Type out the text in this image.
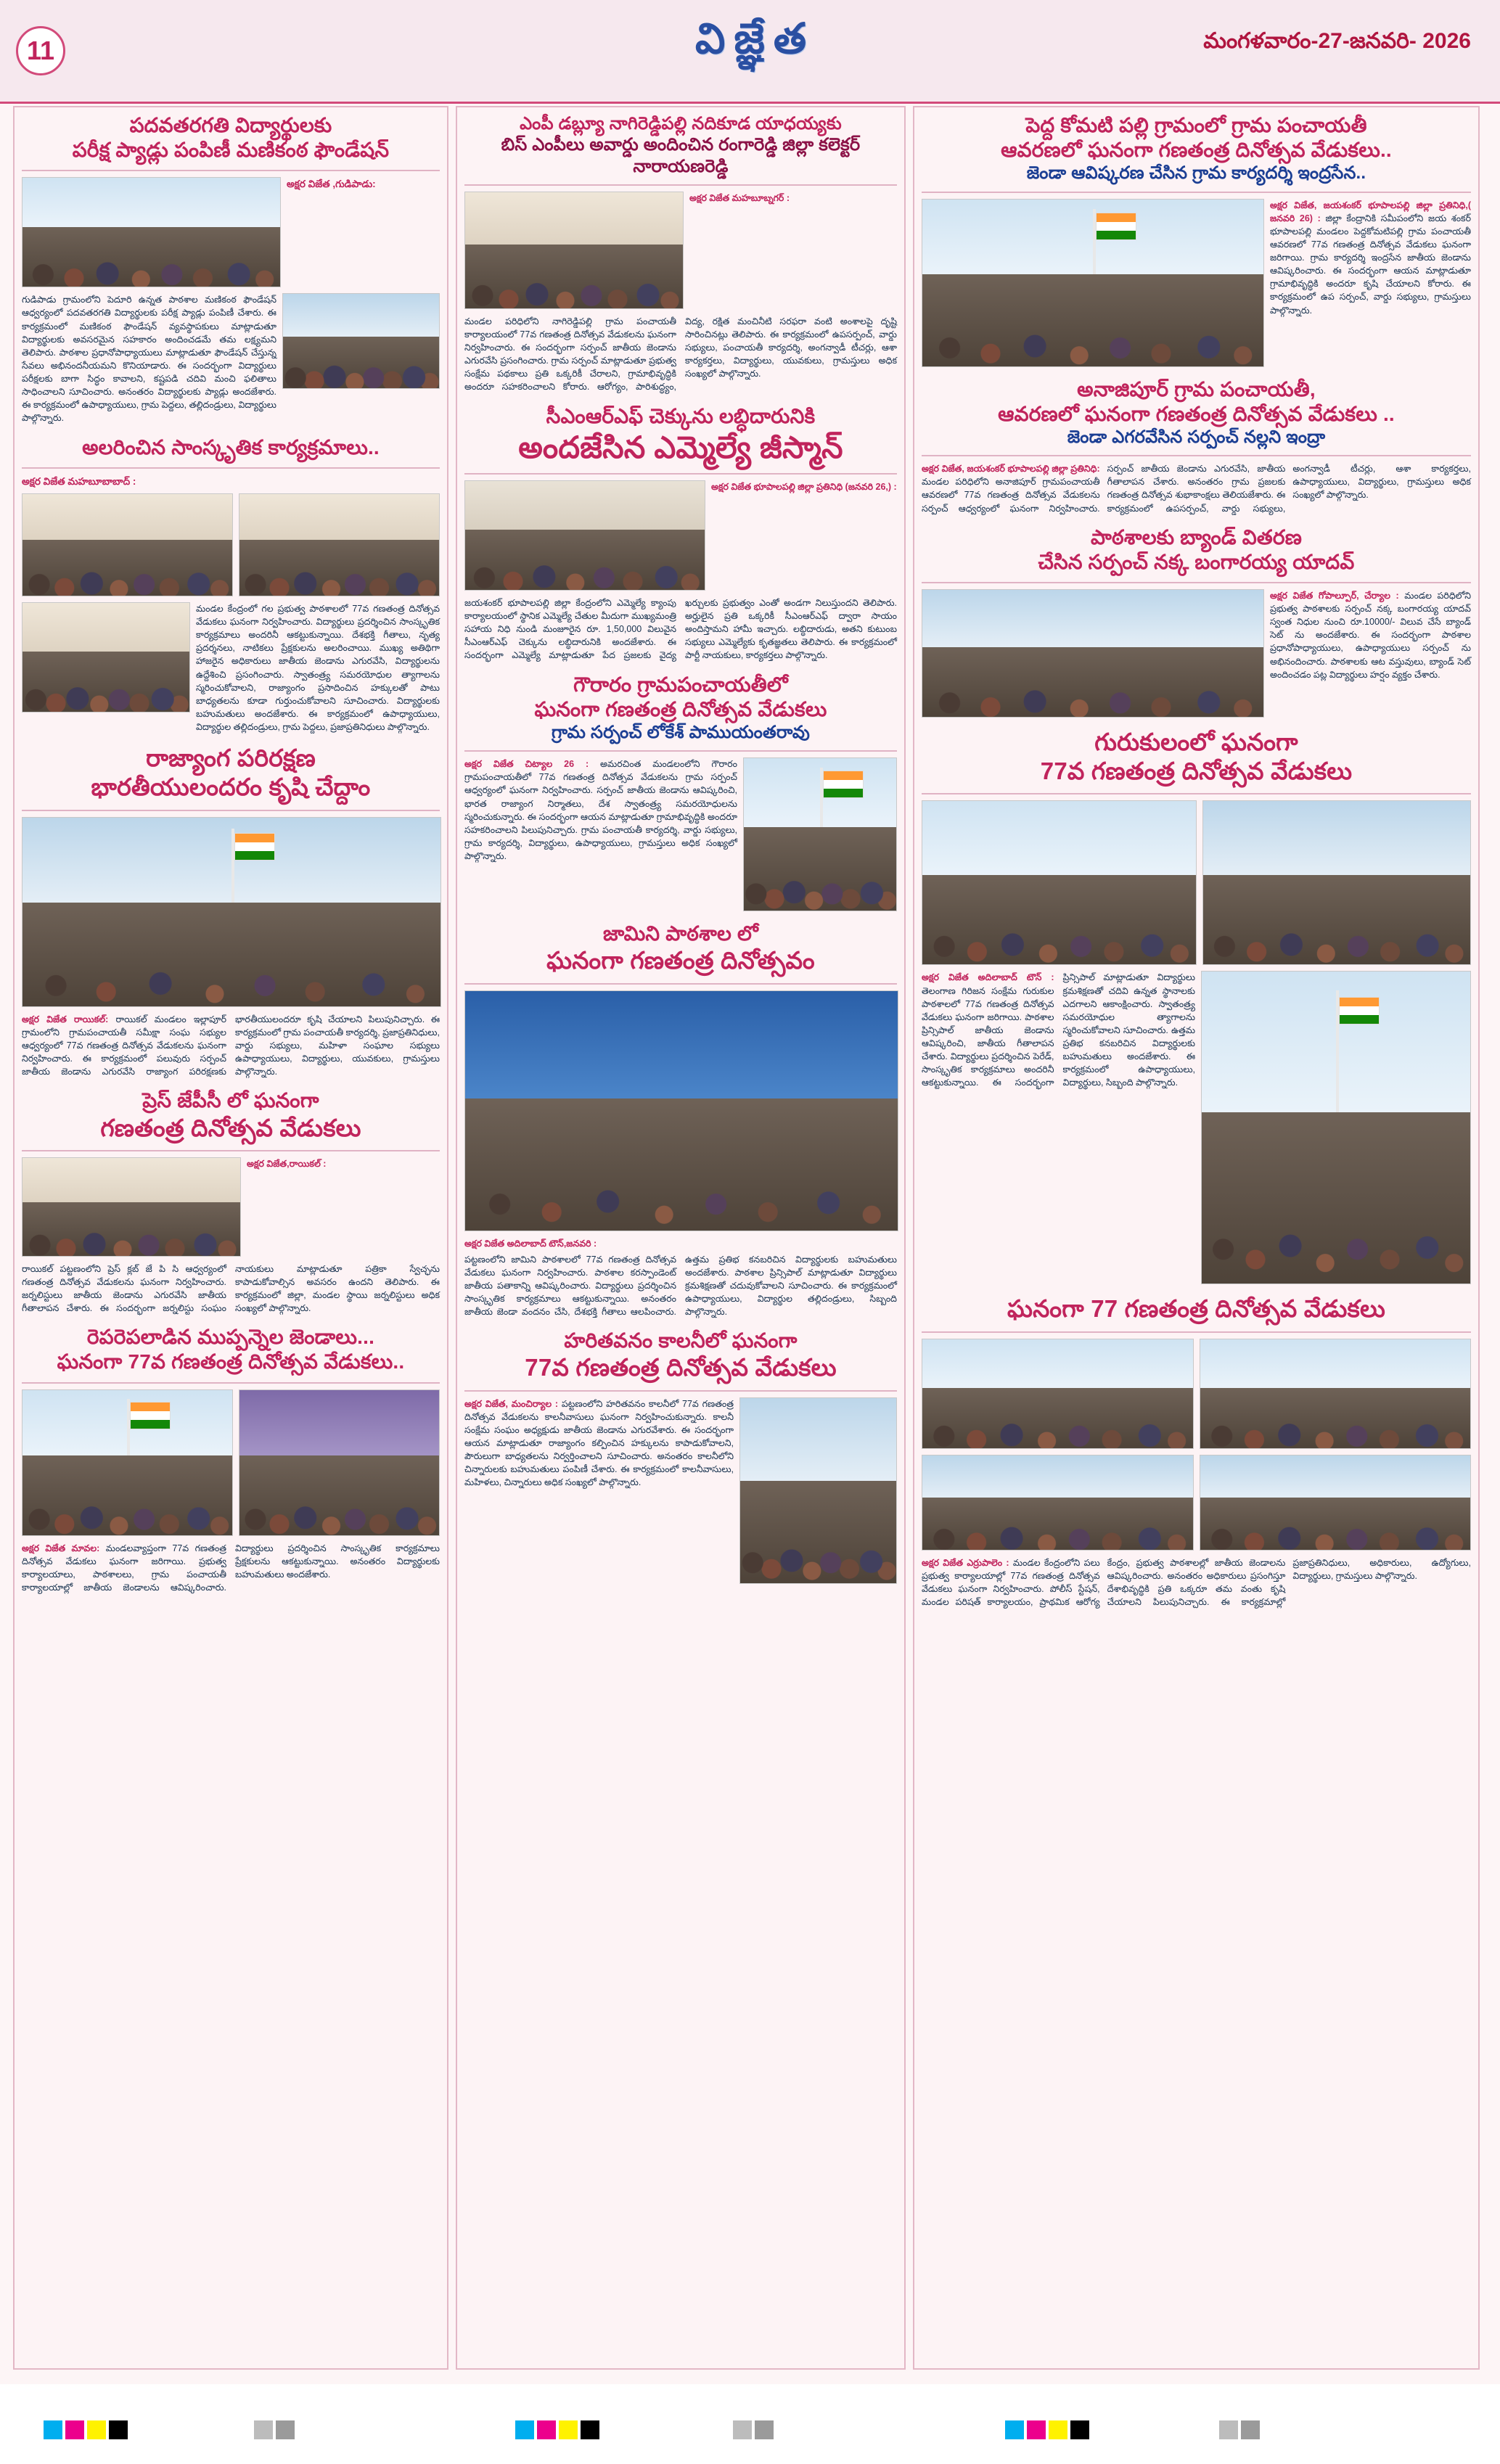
11	వి జ్ఞే త	మంగళవారం-27-జనవరి- 2026
పదవతరగతి విద్యార్థులకు
పరీక్ష ప్యాడ్లు పంపిణీ మణికంఠ ఫౌండేషన్
అక్షర విజేత ,గుడిపాడు:
గుడిపాడు గ్రామంలోని పెదూరి ఉన్నత పాఠశాల మణికంఠ ఫౌండేషన్ ఆధ్వర్యంలో పదవతరగతి విద్యార్థులకు పరీక్ష ప్యాడ్లు పంపిణీ చేశారు. ఈ కార్యక్రమంలో మణికంఠ ఫౌండేషన్ వ్యవస్థాపకులు మాట్లాడుతూ విద్యార్థులకు అవసరమైన సహకారం అందించడమే తమ లక్ష్యమని తెలిపారు. పాఠశాల ప్రధానోపాధ్యాయులు మాట్లాడుతూ ఫౌండేషన్ చేస్తున్న సేవలు అభినందనీయమని కొనియాడారు. ఈ సందర్భంగా విద్యార్థులు పరీక్షలకు బాగా సిద్ధం కావాలని, కష్టపడి చదివి మంచి ఫలితాలు సాధించాలని సూచించారు. అనంతరం విద్యార్థులకు ప్యాడ్లు అందజేశారు. ఈ కార్యక్రమంలో ఉపాధ్యాయులు, గ్రామ పెద్దలు, తల్లిదండ్రులు, విద్యార్థులు పాల్గొన్నారు.
అలరించిన సాంస్కృతిక కార్యక్రమాలు..
అక్షర విజేత మహబూబాబాద్ :
మండల కేంద్రంలో గల ప్రభుత్వ పాఠశాలలో 77వ గణతంత్ర దినోత్సవ వేడుకలు ఘనంగా నిర్వహించారు. విద్యార్థులు ప్రదర్శించిన సాంస్కృతిక కార్యక్రమాలు అందరినీ ఆకట్టుకున్నాయి. దేశభక్తి గీతాలు, నృత్య ప్రదర్శనలు, నాటికలు ప్రేక్షకులను అలరించాయి. ముఖ్య అతిథిగా హాజరైన అధికారులు జాతీయ జెండాను ఎగురవేసి, విద్యార్థులను ఉద్దేశించి ప్రసంగించారు. స్వాతంత్ర్య సమరయోధుల త్యాగాలను స్మరించుకోవాలని, రాజ్యాంగం ప్రసాదించిన హక్కులతో పాటు బాధ్యతలను కూడా గుర్తుంచుకోవాలని సూచించారు. విద్యార్థులకు బహుమతులు అందజేశారు. ఈ కార్యక్రమంలో ఉపాధ్యాయులు, విద్యార్థుల తల్లిదండ్రులు, గ్రామ పెద్దలు, ప్రజాప్రతినిధులు పాల్గొన్నారు.
రాజ్యాంగ పరిరక్షణ
భారతీయులందరం కృషి చేద్దాం
అక్షర విజేత రాయికల్: రాయికల్ మండలం ఇల్లాపూర్ గ్రామంలోని గ్రామపంచాయతీ సమీక్షా సంఘ సభ్యుల ఆధ్వర్యంలో 77వ గణతంత్ర దినోత్సవ వేడుకలను ఘనంగా నిర్వహించారు. ఈ కార్యక్రమంలో పలువురు సర్పంచ్ జాతీయ జెండాను ఎగురవేసి రాజ్యాంగ పరిరక్షణకు భారతీయులందరూ కృషి చేయాలని పిలుపునిచ్చారు. ఈ కార్యక్రమంలో గ్రామ పంచాయతీ కార్యదర్శి, ప్రజాప్రతినిధులు, వార్డు సభ్యులు, మహిళా సంఘాల సభ్యులు ఉపాధ్యాయులు, విద్యార్థులు, యువకులు, గ్రామస్తులు పాల్గొన్నారు.
ప్రెస్ జేపీసీ లో ఘనంగా
గణతంత్ర దినోత్సవ వేడుకలు
అక్షర విజేత,రాయికల్ :
రాయికల్ పట్టణంలోని ప్రెస్ క్లబ్ జే పి సి ఆధ్వర్యంలో గణతంత్ర దినోత్సవ వేడుకలను ఘనంగా నిర్వహించారు. జర్నలిస్టులు జాతీయ జెండాను ఎగురవేసి జాతీయ గీతాలాపన చేశారు. ఈ సందర్భంగా జర్నలిస్టు సంఘం నాయకులు మాట్లాడుతూ పత్రికా స్వేచ్ఛను కాపాడుకోవాల్సిన అవసరం ఉందని తెలిపారు. ఈ కార్యక్రమంలో జిల్లా, మండల స్థాయి జర్నలిస్టులు అధిక సంఖ్యలో పాల్గొన్నారు.
రెపరెపలాడిన ముప్పన్నెల జెండాలు...
ఘనంగా 77వ గణతంత్ర దినోత్సవ వేడుకలు..
అక్షర విజేత మావల: మండలవ్యాప్తంగా 77వ గణతంత్ర దినోత్సవ వేడుకలు ఘనంగా జరిగాయి. ప్రభుత్వ కార్యాలయాలు, పాఠశాలలు, గ్రామ పంచాయతీ కార్యాలయాల్లో జాతీయ జెండాలను ఆవిష్కరించారు. విద్యార్థులు ప్రదర్శించిన సాంస్కృతిక కార్యక్రమాలు ప్రేక్షకులను ఆకట్టుకున్నాయి. అనంతరం విద్యార్థులకు బహుమతులు అందజేశారు.
ఎంపీ డబ్ల్యూ నాగిరెడ్డిపల్లి నదికూడ యాధయ్యకు
బిస్ ఎంపీలు అవార్డు అందించిన రంగారెడ్డి జిల్లా కలెక్టర్ నారాయణరెడ్డి
అక్షర విజేత మహబూబ్నగర్ :
మండల పరిధిలోని నాగిరెడ్డిపల్లి గ్రామ పంచాయతీ కార్యాలయంలో 77వ గణతంత్ర దినోత్సవ వేడుకలను ఘనంగా నిర్వహించారు. ఈ సందర్భంగా సర్పంచ్ జాతీయ జెండాను ఎగురవేసి ప్రసంగించారు. గ్రామ సర్పంచ్ మాట్లాడుతూ ప్రభుత్వ సంక్షేమ పథకాలు ప్రతి ఒక్కరికీ చేరాలని, గ్రామాభివృద్ధికి అందరూ సహకరించాలని కోరారు. ఆరోగ్యం, పారిశుద్ధ్యం, విద్య, రక్షిత మంచినీటి సరఫరా వంటి అంశాలపై దృష్టి సారించినట్లు తెలిపారు. ఈ కార్యక్రమంలో ఉపసర్పంచ్, వార్డు సభ్యులు, పంచాయతీ కార్యదర్శి, అంగన్వాడీ టీచర్లు, ఆశా కార్యకర్తలు, విద్యార్థులు, యువకులు, గ్రామస్తులు అధిక సంఖ్యలో పాల్గొన్నారు.
సీఎంఆర్ఎఫ్ చెక్కును లబ్ధిదారునికి
అందజేసిన ఎమ్మెల్యే జీస్మాన్
అక్షర విజేత భూపాలపల్లి జిల్లా ప్రతినిధి (జనవరి 26,) :
జయశంకర్ భూపాలపల్లి జిల్లా కేంద్రంలోని ఎమ్మెల్యే క్యాంపు కార్యాలయంలో స్థానిక ఎమ్మెల్యే చేతుల మీదుగా ముఖ్యమంత్రి సహాయ నిధి నుండి మంజూరైన రూ. 1,50,000 విలువైన సీఎంఆర్ఎఫ్ చెక్కును లబ్ధిదారునికి అందజేశారు. ఈ సందర్భంగా ఎమ్మెల్యే మాట్లాడుతూ పేద ప్రజలకు వైద్య ఖర్చులకు ప్రభుత్వం ఎంతో అండగా నిలుస్తుందని తెలిపారు. అర్హులైన ప్రతి ఒక్కరికీ సీఎంఆర్ఎఫ్ ద్వారా సాయం అందిస్తామని హామీ ఇచ్చారు. లబ్ధిదారుడు, అతని కుటుంబ సభ్యులు ఎమ్మెల్యేకు కృతజ్ఞతలు తెలిపారు. ఈ కార్యక్రమంలో పార్టీ నాయకులు, కార్యకర్తలు పాల్గొన్నారు.
గౌరారం గ్రామపంచాయతీలో
ఘనంగా గణతంత్ర దినోత్సవ వేడుకలు
గ్రామ సర్పంచ్ లోకేశ్ పాముయంతరావు
అక్షర విజేత చిట్యాల 26 : అమరచింత మండలంలోని గౌరారం గ్రామపంచాయతీలో 77వ గణతంత్ర దినోత్సవ వేడుకలను గ్రామ సర్పంచ్ ఆధ్వర్యంలో ఘనంగా నిర్వహించారు. సర్పంచ్ జాతీయ జెండాను ఆవిష్కరించి, భారత రాజ్యాంగ నిర్మాతలు, దేశ స్వాతంత్ర్య సమరయోధులను స్మరించుకున్నారు. ఈ సందర్భంగా ఆయన మాట్లాడుతూ గ్రామాభివృద్ధికి అందరూ సహకరించాలని పిలుపునిచ్చారు. గ్రామ పంచాయతీ కార్యదర్శి, వార్డు సభ్యులు, గ్రామ కార్యదర్శి, విద్యార్థులు, ఉపాధ్యాయులు, గ్రామస్తులు అధిక సంఖ్యలో పాల్గొన్నారు.
జామిని పాఠశాల లో
ఘనంగా గణతంత్ర దినోత్సవం
అక్షర విజేత అదిలాబాద్ టౌన్,జనవరి :
పట్టణంలోని జామిని పాఠశాలలో 77వ గణతంత్ర దినోత్సవ వేడుకలు ఘనంగా నిర్వహించారు. పాఠశాల కరస్పాండెంట్ జాతీయ పతాకాన్ని ఆవిష్కరించారు. విద్యార్థులు ప్రదర్శించిన సాంస్కృతిక కార్యక్రమాలు ఆకట్టుకున్నాయి. అనంతరం జాతీయ జెండా వందనం చేసి, దేశభక్తి గీతాలు ఆలపించారు. ఉత్తమ ప్రతిభ కనబరిచిన విద్యార్థులకు బహుమతులు అందజేశారు. పాఠశాల ప్రిన్సిపాల్ మాట్లాడుతూ విద్యార్థులు క్రమశిక్షణతో చదువుకోవాలని సూచించారు. ఈ కార్యక్రమంలో ఉపాధ్యాయులు, విద్యార్థుల తల్లిదండ్రులు, సిబ్బంది పాల్గొన్నారు.
హరితవనం కాలనీలో ఘనంగా
77వ గణతంత్ర దినోత్సవ వేడుకలు
అక్షర విజేత, మంచిర్యాల : పట్టణంలోని హరితవనం కాలనీలో 77వ గణతంత్ర దినోత్సవ వేడుకలను కాలనీవాసులు ఘనంగా నిర్వహించుకున్నారు. కాలనీ సంక్షేమ సంఘం అధ్యక్షుడు జాతీయ జెండాను ఎగురవేశారు. ఈ సందర్భంగా ఆయన మాట్లాడుతూ రాజ్యాంగం కల్పించిన హక్కులను కాపాడుకోవాలని, పౌరులుగా బాధ్యతలను నిర్వర్తించాలని సూచించారు. అనంతరం కాలనీలోని చిన్నారులకు బహుమతులు పంపిణీ చేశారు. ఈ కార్యక్రమంలో కాలనీవాసులు, మహిళలు, చిన్నారులు అధిక సంఖ్యలో పాల్గొన్నారు.
పెద్ద కోమటి పల్లి గ్రామంలో గ్రామ పంచాయతీ
ఆవరణలో ఘనంగా గణతంత్ర దినోత్సవ వేడుకలు..
జెండా ఆవిష్కరణ చేసిన గ్రామ కార్యదర్శి ఇంద్రసేన..
అక్షర విజేత, జయశంకర్ భూపాలపల్లి జిల్లా ప్రతినిధి,( జనవరి 26) : జిల్లా కేంద్రానికి సమీపంలోని జయ శంకర్ భూపాలపల్లి మండలం పెద్దకోమటిపల్లి గ్రామ పంచాయతీ ఆవరణలో 77వ గణతంత్ర దినోత్సవ వేడుకలు ఘనంగా జరిగాయి. గ్రామ కార్యదర్శి ఇంద్రసేన జాతీయ జెండాను ఆవిష్కరించారు. ఈ సందర్భంగా ఆయన మాట్లాడుతూ గ్రామాభివృద్ధికి అందరూ కృషి చేయాలని కోరారు. ఈ కార్యక్రమంలో ఉప సర్పంచ్, వార్డు సభ్యులు, గ్రామస్తులు పాల్గొన్నారు.
అనాజిపూర్ గ్రామ పంచాయతీ,
ఆవరణలో ఘనంగా గణతంత్ర దినోత్సవ వేడుకలు ..
జెండా ఎగరవేసిన సర్పంచ్ నల్లని ఇంద్రా
అక్షర విజేత, జయశంకర్ భూపాలపల్లి జిల్లా ప్రతినిధి: మండల పరిధిలోని అనాజిపూర్ గ్రామపంచాయతీ ఆవరణలో 77వ గణతంత్ర దినోత్సవ వేడుకలను సర్పంచ్ ఆధ్వర్యంలో ఘనంగా నిర్వహించారు. సర్పంచ్ జాతీయ జెండాను ఎగురవేసి, జాతీయ గీతాలాపన చేశారు. అనంతరం గ్రామ ప్రజలకు గణతంత్ర దినోత్సవ శుభాకాంక్షలు తెలియజేశారు. ఈ కార్యక్రమంలో ఉపసర్పంచ్, వార్డు సభ్యులు, అంగన్వాడీ టీచర్లు, ఆశా కార్యకర్తలు, ఉపాధ్యాయులు, విద్యార్థులు, గ్రామస్తులు అధిక సంఖ్యలో పాల్గొన్నారు.
పాఠశాలకు బ్యాండ్ వితరణ
చేసిన సర్పంచ్ నక్క బంగారయ్య యాదవ్
అక్షర విజేత గోపాల్పూర్, చేర్యాల : మండల పరిధిలోని ప్రభుత్వ పాఠశాలకు సర్పంచ్ నక్క బంగారయ్య యాదవ్ స్వంత నిధుల నుంచి రూ.10000/- విలువ చేసే బ్యాండ్ సెట్ ను అందజేశారు. ఈ సందర్భంగా పాఠశాల ప్రధానోపాధ్యాయులు, ఉపాధ్యాయులు సర్పంచ్ ను అభినందించారు. పాఠశాలకు ఆట వస్తువులు, బ్యాండ్ సెట్ అందించడం పట్ల విద్యార్థులు హర్షం వ్యక్తం చేశారు.
గురుకులంలో ఘనంగా
77వ గణతంత్ర దినోత్సవ వేడుకలు
అక్షర విజేత అదిలాబాద్ టౌన్ : తెలంగాణ గిరిజన సంక్షేమ గురుకుల పాఠశాలలో 77వ గణతంత్ర దినోత్సవ వేడుకలు ఘనంగా జరిగాయి. పాఠశాల ప్రిన్సిపాల్ జాతీయ జెండాను ఆవిష్కరించి, జాతీయ గీతాలాపన చేశారు. విద్యార్థులు ప్రదర్శించిన పెరేడ్, సాంస్కృతిక కార్యక్రమాలు అందరినీ ఆకట్టుకున్నాయి. ఈ సందర్భంగా ప్రిన్సిపాల్ మాట్లాడుతూ విద్యార్థులు క్రమశిక్షణతో చదివి ఉన్నత స్థానాలకు ఎదగాలని ఆకాంక్షించారు. స్వాతంత్ర్య సమరయోధుల త్యాగాలను స్మరించుకోవాలని సూచించారు. ఉత్తమ ప్రతిభ కనబరిచిన విద్యార్థులకు బహుమతులు అందజేశారు. ఈ కార్యక్రమంలో ఉపాధ్యాయులు, విద్యార్థులు, సిబ్బంది పాల్గొన్నారు.
ఘనంగా 77 గణతంత్ర దినోత్సవ వేడుకలు
అక్షర విజేత ఎర్రుపాలెం : మండల కేంద్రంలోని పలు ప్రభుత్వ కార్యాలయాల్లో 77వ గణతంత్ర దినోత్సవ వేడుకలు ఘనంగా నిర్వహించారు. పోలీస్ స్టేషన్, మండల పరిషత్ కార్యాలయం, ప్రాథమిక ఆరోగ్య కేంద్రం, ప్రభుత్వ పాఠశాలల్లో జాతీయ జెండాలను ఆవిష్కరించారు. అనంతరం అధికారులు ప్రసంగిస్తూ దేశాభివృద్ధికి ప్రతి ఒక్కరూ తమ వంతు కృషి చేయాలని పిలుపునిచ్చారు. ఈ కార్యక్రమాల్లో ప్రజాప్రతినిధులు, అధికారులు, ఉద్యోగులు, విద్యార్థులు, గ్రామస్తులు పాల్గొన్నారు.
